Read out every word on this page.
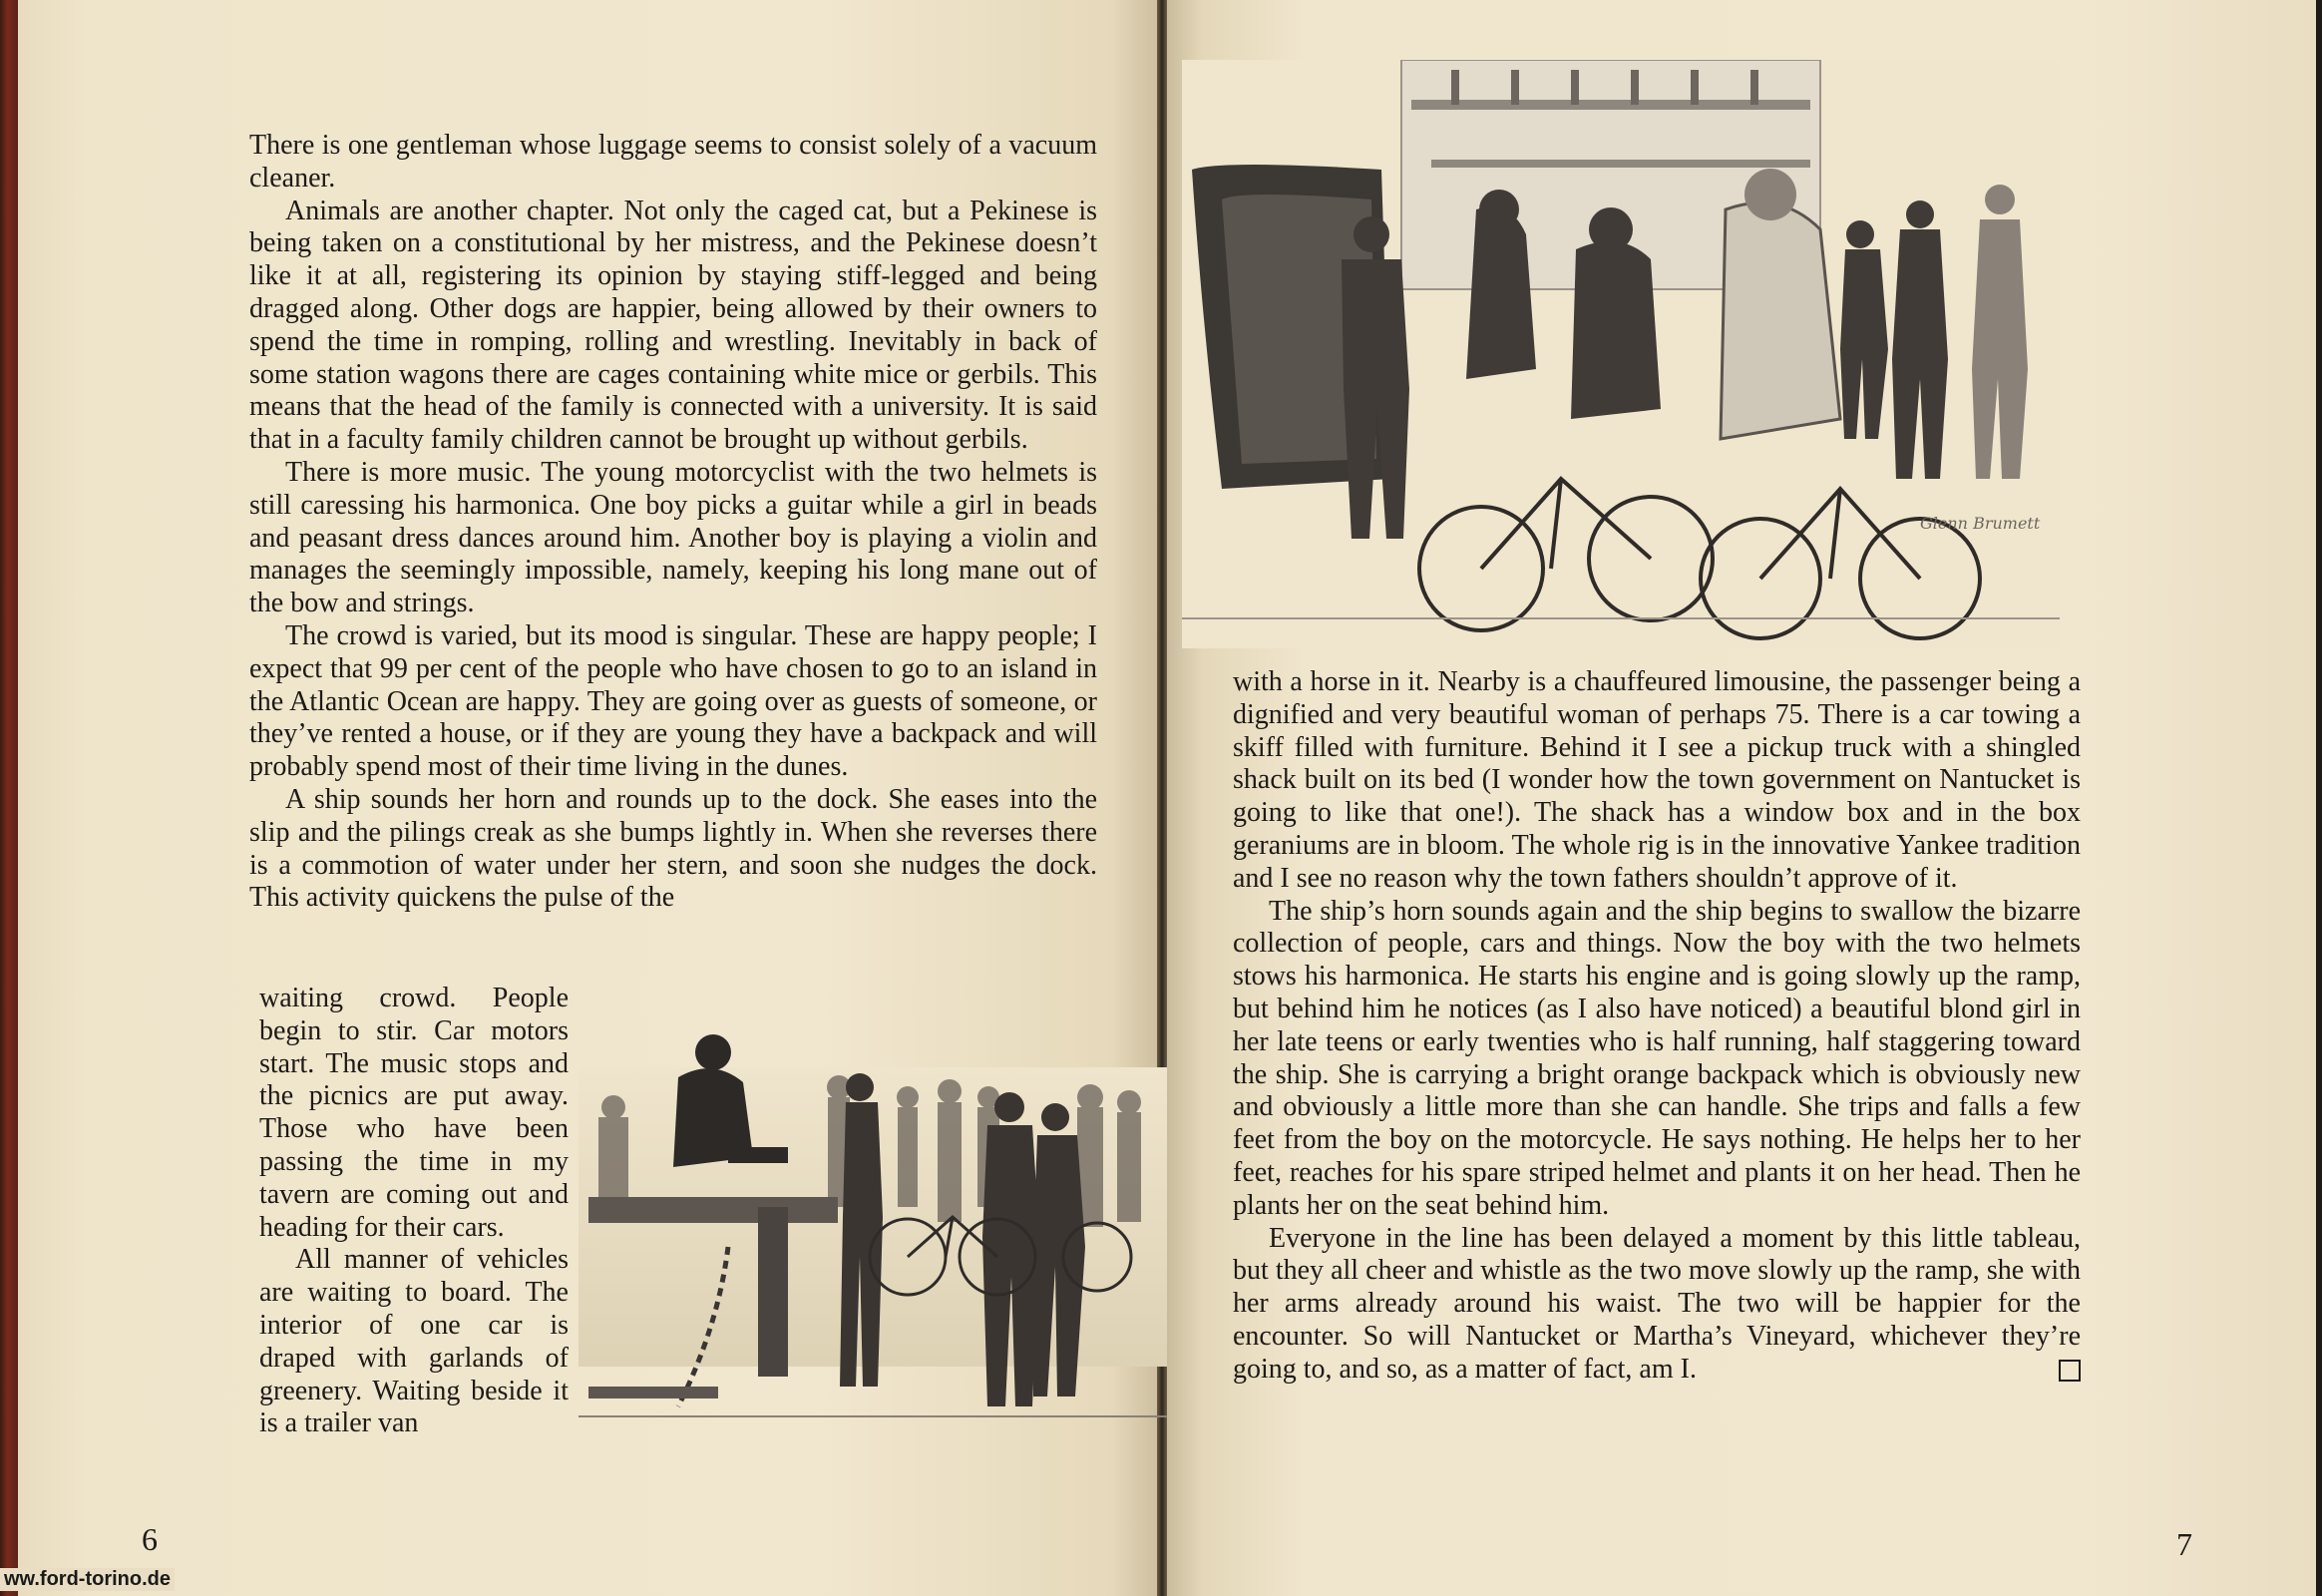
There is one gentleman whose luggage seems to consist solely of a vacuum cleaner.

Animals are another chapter. Not only the caged cat, but a Pekinese is being taken on a constitutional by her mistress, and the Pekinese doesn’t like it at all, registering its opinion by staying stiff-legged and being dragged along. Other dogs are happier, being allowed by their owners to spend the time in romping, rolling and wrestling. Inevitably in back of some station wagons there are cages containing white mice or gerbils. This means that the head of the family is connected with a university. It is said that in a faculty family children cannot be brought up without gerbils.

There is more music. The young motorcyclist with the two helmets is still caressing his harmonica. One boy picks a guitar while a girl in beads and peasant dress dances around him. Another boy is playing a violin and manages the seemingly impossible, namely, keeping his long mane out of the bow and strings.

The crowd is varied, but its mood is singular. These are happy people; I expect that 99 per cent of the people who have chosen to go to an island in the Atlantic Ocean are happy. They are going over as guests of someone, or they’ve rented a house, or if they are young they have a backpack and will probably spend most of their time living in the dunes.

A ship sounds her horn and rounds up to the dock. She eases into the slip and the pilings creak as she bumps lightly in. When she reverses there is a commotion of water under her stern, and soon she nudges the dock. This activity quickens the pulse of the

waiting crowd. People begin to stir. Car motors start. The music stops and the picnics are put away. Those who have been passing the time in my tavern are coming out and heading for their cars.

All manner of vehicles are waiting to board. The interior of one car is draped with garlands of greenery. Waiting beside it is a trailer van

Glenn Brumett

with a horse in it. Nearby is a chauffeured limousine, the passenger being a dignified and very beautiful woman of perhaps 75. There is a car towing a skiff filled with furniture. Behind it I see a pickup truck with a shingled shack built on its bed (I wonder how the town government on Nantucket is going to like that one!). The shack has a window box and in the box geraniums are in bloom. The whole rig is in the innovative Yankee tradition and I see no reason why the town fathers shouldn’t approve of it.

The ship’s horn sounds again and the ship begins to swallow the bizarre collection of people, cars and things. Now the boy with the two helmets stows his harmonica. He starts his engine and is going slowly up the ramp, but behind him he notices (as I also have noticed) a beautiful blond girl in her late teens or early twenties who is half running, half staggering toward the ship. She is carrying a bright orange backpack which is obviously new and obviously a little more than she can handle. She trips and falls a few feet from the boy on the motorcycle. He says nothing. He helps her to her feet, reaches for his spare striped helmet and plants it on her head. Then he plants her on the seat behind him.

Everyone in the line has been delayed a moment by this little tableau, but they all cheer and whistle as the two move slowly up the ramp, she with her arms already around his waist. The two will be happier for the encounter. So will Nantucket or Martha’s Vineyard, whichever they’re going to, and so, as a matter of fact, am I.

6	7
ww.ford-torino.de
